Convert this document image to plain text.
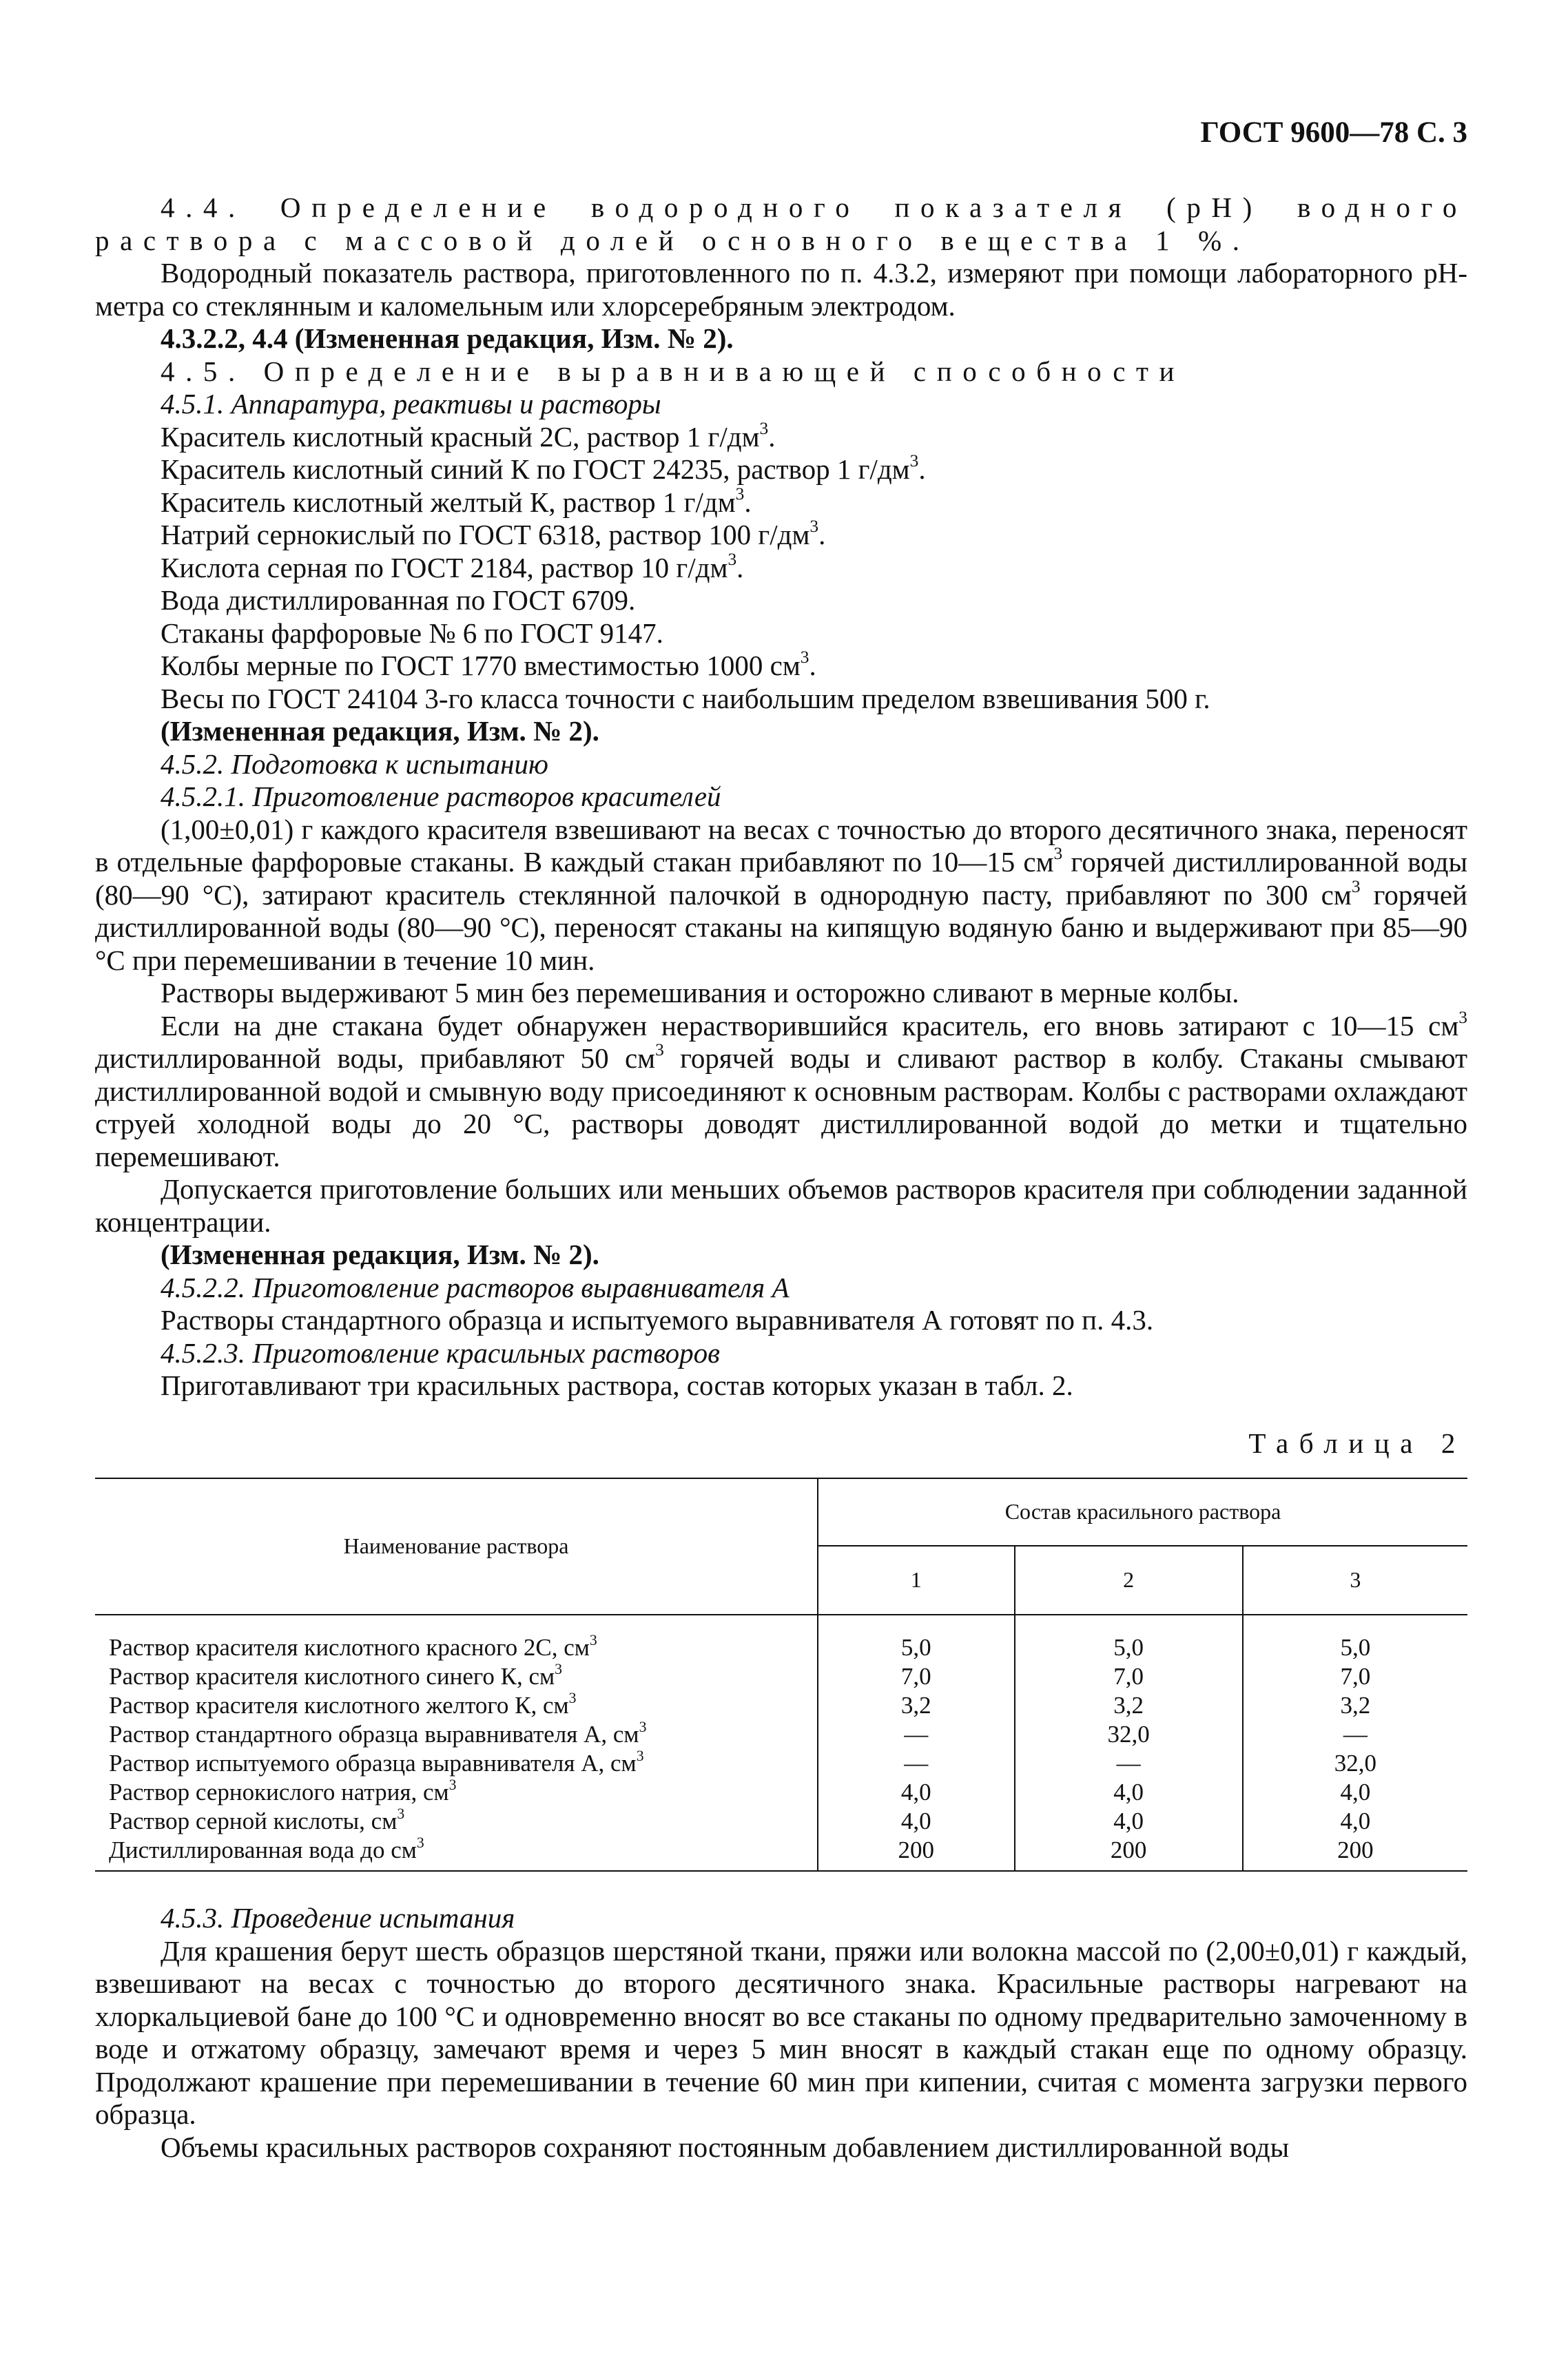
ГОСТ 9600—78 С. 3
4.4. Определение водородного показателя (рН) водного раствора с массовой долей основного вещества 1 %.
Водородный показатель раствора, приготовленного по п. 4.3.2, измеряют при помощи лабораторного рН-метра со стеклянным и каломельным или хлорсеребряным электродом.
4.3.2.2, 4.4 (Измененная редакция, Изм. № 2).
4.5. Определение выравнивающей способности
4.5.1. Аппаратура, реактивы и растворы
Краситель кислотный красный 2С, раствор 1 $г/дм^3$.
Краситель кислотный синий К по ГОСТ 24235, раствор 1 $г/дм^3$.
Краситель кислотный желтый К, раствор 1 $г/дм^3$.
Натрий сернокислый по ГОСТ 6318, раствор 100 $г/дм^3$.
Кислота серная по ГОСТ 2184, раствор 10 $г/дм^3$.
Вода дистиллированная по ГОСТ 6709.
Стаканы фарфоровые № 6 по ГОСТ 9147.
Колбы мерные по ГОСТ 1770 вместимостью 1000 $см^3$.
Весы по ГОСТ 24104 3-го класса точности с наибольшим пределом взвешивания 500 г.
(Измененная редакция, Изм. № 2).
4.5.2. Подготовка к испытанию
4.5.2.1. Приготовление растворов красителей
(1,00±0,01) г каждого красителя взвешивают на весах с точностью до второго десятичного знака, переносят в отдельные фарфоровые стаканы. В каждый стакан прибавляют по 10—15 $см^3$ горячей дистиллированной воды (80—90 °С), затирают краситель стеклянной палочкой в однородную пасту, прибавляют по 300 $см^3$ горячей дистиллированной воды (80—90 °С), переносят стаканы на кипящую водяную баню и выдерживают при 85—90 °С при перемешивании в течение 10 мин.
Растворы выдерживают 5 мин без перемешивания и осторожно сливают в мерные колбы.
Если на дне стакана будет обнаружен нерастворившийся краситель, его вновь затирают с 10—15 $см^3$ дистиллированной воды, прибавляют 50 $см^3$ горячей воды и сливают раствор в колбу. Стаканы смывают дистиллированной водой и смывную воду присоединяют к основным растворам. Колбы с растворами охлаждают струей холодной воды до 20 °С, растворы доводят дистиллированной водой до метки и тщательно перемешивают.
Допускается приготовление больших или меньших объемов растворов красителя при соблюдении заданной концентрации.
(Измененная редакция, Изм. № 2).
4.5.2.2. Приготовление растворов выравнивателя А
Растворы стандартного образца и испытуемого выравнивателя А готовят по п. 4.3.
4.5.2.3. Приготовление красильных растворов
Приготавливают три красильных раствора, состав которых указан в табл. 2.
Таблица 2
Наименование раствора	Состав красильного раствора		
	1	2	3
Раствор красителя кислотного красного 2С, $см^3$	5,0	5,0	5,0
Раствор красителя кислотного синего К, $см^3$	7,0	7,0	7,0
Раствор красителя кислотного желтого К, $см^3$	3,2	3,2	3,2
Раствор стандартного образца выравнивателя А, $см^3$	—	32,0	—
Раствор испытуемого образца выравнивателя А, $см^3$	—	—	32,0
Раствор сернокислого натрия, $см^3$	4,0	4,0	4,0
Раствор серной кислоты, $см^3$	4,0	4,0	4,0
Дистиллированная вода до $см^3$	200	200	200
4.5.3. Проведение испытания
Для крашения берут шесть образцов шерстяной ткани, пряжи или волокна массой по (2,00±0,01) г каждый, взвешивают на весах с точностью до второго десятичного знака. Красильные растворы нагревают на хлоркальциевой бане до 100 °С и одновременно вносят во все стаканы по одному предварительно замоченному в воде и отжатому образцу, замечают время и через 5 мин вносят в каждый стакан еще по одному образцу. Продолжают крашение при перемешивании в течение 60 мин при кипении, считая с момента загрузки первого образца.
Объемы красильных растворов сохраняют постоянным добавлением дистиллированной воды
